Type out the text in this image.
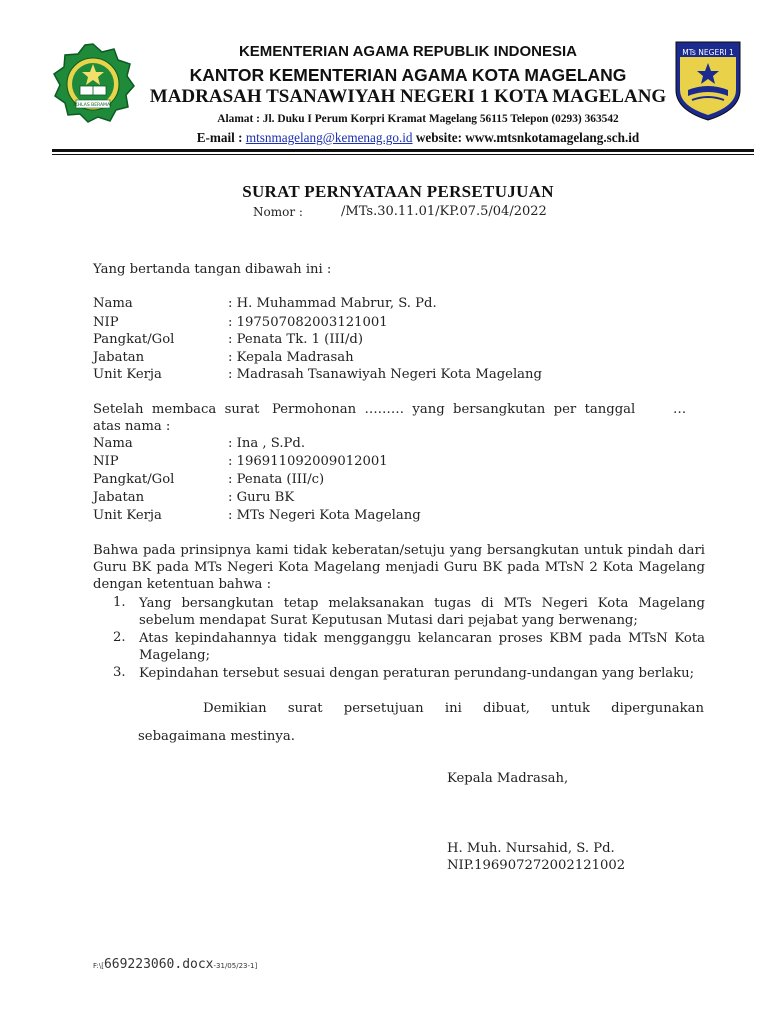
IKHLAS BERAMAL
MTs NEGERI 1
KEMENTERIAN AGAMA REPUBLIK INDONESIA
KANTOR KEMENTERIAN AGAMA KOTA MAGELANG
MADRASAH TSANAWIYAH NEGERI 1 KOTA MAGELANG
Alamat : Jl. Duku I Perum Korpri Kramat Magelang 56115 Telepon (0293) 363542
E-mail : mtsnmagelang@kemenag.go.id website: www.mtsnkotamagelang.sch.id
SURAT PERNYATAAN PERSETUJUAN
Nomor :	/MTs.30.11.01/KP.07.5/04/2022
Yang bertanda tangan dibawah ini :
Nama	: H. Muhammad Mabrur, S. Pd.
NIP	: 197507082003121001
Pangkat/Gol	: Penata Tk. 1 (III/d)
Jabatan	: Kepala Madrasah
Unit Kerja	: Madrasah Tsanawiyah Negeri Kota Magelang
Setelah  membaca  surat   Permohonan  ………  yang  bersangkutan  per  tanggal         …
atas nama :
Nama	: Ina , S.Pd.
NIP	: 196911092009012001
Pangkat/Gol	: Penata (III/c)
Jabatan	: Guru BK
Unit Kerja	: MTs Negeri Kota Magelang
Bahwa pada prinsipnya kami tidak keberatan/setuju yang bersangkutan untuk pindah dari Guru BK pada MTs Negeri Kota Magelang menjadi Guru BK pada MTsN 2 Kota Magelang dengan ketentuan bahwa :
1. Yang bersangkutan tetap melaksanakan tugas di MTs Negeri Kota Magelang sebelum mendapat Surat Keputusan Mutasi dari pejabat yang berwenang;
2. Atas kepindahannya tidak mengganggu kelancaran proses KBM pada MTsN Kota Magelang;
3. Kepindahan tersebut sesuai dengan peraturan perundang-undangan yang berlaku;
Demikian surat persetujuan ini dibuat, untuk dipergunakan
sebagaimana mestinya.
Kepala Madrasah,
H. Muh. Nursahid, S. Pd.
NIP.196907272002121002
F:\[669223060.docx-31/05/23-1]
